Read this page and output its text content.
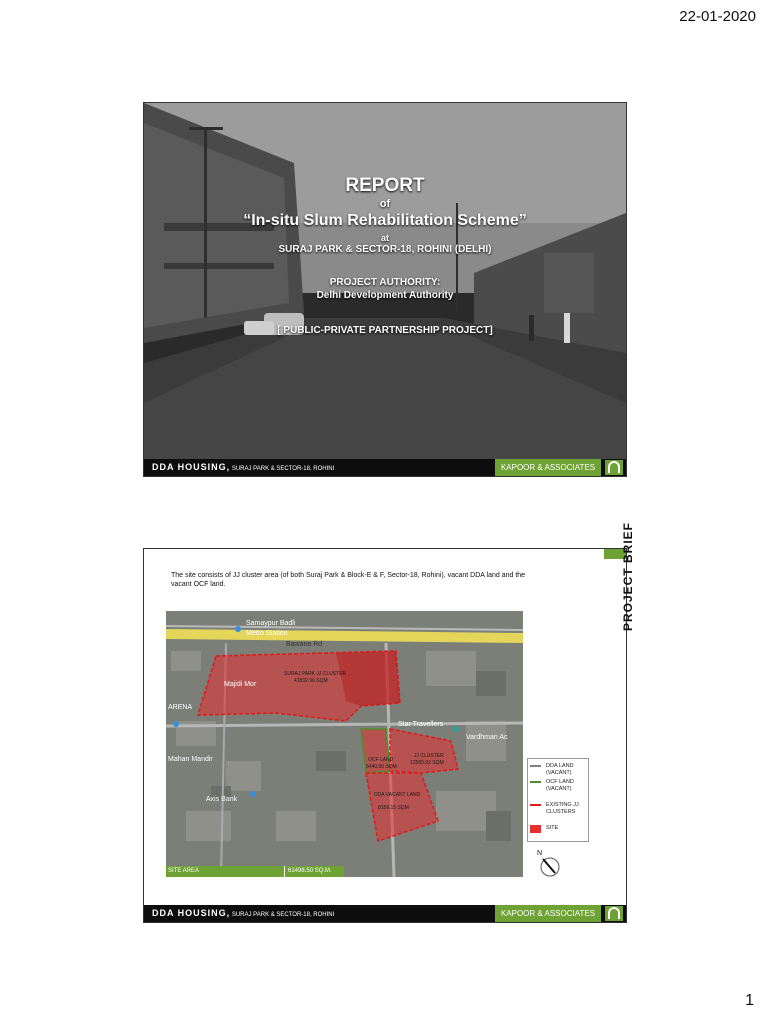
22-01-2020
REPORT
of
“In-situ Slum Rehabilitation Scheme”
at
SURAJ PARK & SECTOR-18, ROHINI (DELHI)
PROJECT AUTHORITY:
Delhi Development Authority
[ PUBLIC-PRIVATE PARTNERSHIP PROJECT]
DDA HOUSING, SURAJ PARK & SECTOR-18, ROHINI	KAPOOR & ASSOCIATES
PROJECT BRIEF
The site consists of JJ cluster area (of both Suraj Park & Block-E & F, Sector-18, Rohini), vacant DDA land and the vacant OCF land.
Samaypur Badli
Metro Station
Bawana Rd
Majidi Mor
ARENA
Mahan Mandir
Axis Bank
Star Travellers
Vardhman Ac
SURAJ PARK JJ CLUSTER
41832.96 SQM
OCF LAND
5440.00 SQM
JJ CLUSTER
12565.92 SQM
DDA VACANT LAND
8159.15 SQM
SITE AREA	61498.50 SQ.M.
DDA LAND (VACANT)
OCF LAND (VACANT)
EXISTING JJ CLUSTERS
SITE
N
DDA HOUSING, SURAJ PARK & SECTOR-18, ROHINI	KAPOOR & ASSOCIATES
1
